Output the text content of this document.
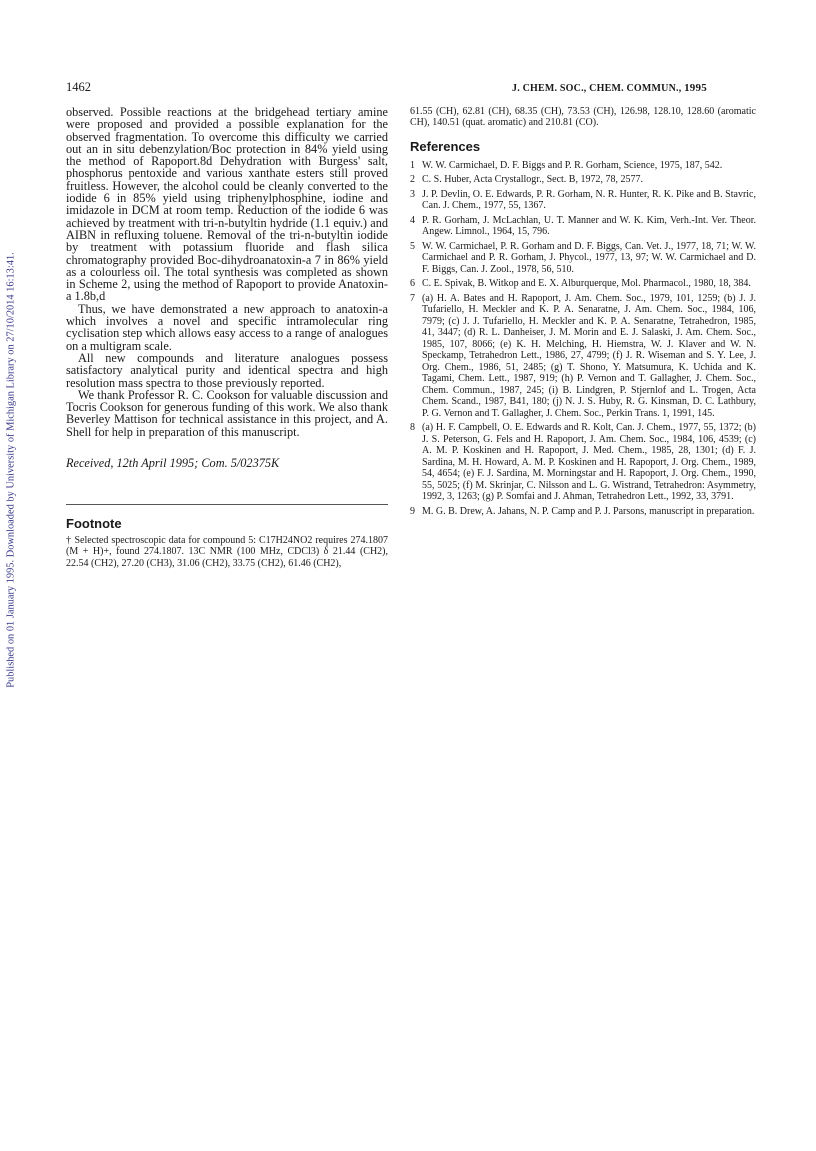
Published on 01 January 1995. Downloaded by University of Michigan Library on 27/10/2014 16:13:41.
1462	J. CHEM. SOC., CHEM. COMMUN., 1995

observed. Possible reactions at the bridgehead tertiary amine were proposed and provided a possible explanation for the observed fragmentation. To overcome this difficulty we carried out an in situ debenzylation/Boc protection in 84% yield using the method of Rapoport.8d Dehydration with Burgess' salt, phosphorus pentoxide and various xanthate esters still proved fruitless. However, the alcohol could be cleanly converted to the iodide 6 in 85% yield using triphenylphosphine, iodine and imidazole in DCM at room temp. Reduction of the iodide 6 was achieved by treatment with tri-n-butyltin hydride (1.1 equiv.) and AIBN in refluxing toluene. Removal of the tri-n-butyltin iodide by treatment with potassium fluoride and flash silica chromatography provided Boc-dihydroanatoxin-a 7 in 86% yield as a colourless oil. The total synthesis was completed as shown in Scheme 2, using the method of Rapoport to provide Anatoxin-a 1.8b,d

Thus, we have demonstrated a new approach to anatoxin-a which involves a novel and specific intramolecular ring cyclisation step which allows easy access to a range of analogues on a multigram scale.

All new compounds and literature analogues possess satisfactory analytical purity and identical spectra and high resolution mass spectra to those previously reported.

We thank Professor R. C. Cookson for valuable discussion and Tocris Cookson for generous funding of this work. We also thank Beverley Mattison for technical assistance in this project, and A. Shell for help in preparation of this manuscript.

Received, 12th April 1995; Com. 5/02375K

Footnote

† Selected spectroscopic data for compound 5: C17H24NO2 requires 274.1807 (M + H)+, found 274.1807. 13C NMR (100 MHz, CDCl3) δ 21.44 (CH2), 22.54 (CH2), 27.20 (CH3), 31.06 (CH2), 33.75 (CH2), 61.46 (CH2),

61.55 (CH), 62.81 (CH), 68.35 (CH), 73.53 (CH), 126.98, 128.10, 128.60 (aromatic CH), 140.51 (quat. aromatic) and 210.81 (CO).

References
1 W. W. Carmichael, D. F. Biggs and P. R. Gorham, Science, 1975, 187, 542.
2 C. S. Huber, Acta Crystallogr., Sect. B, 1972, 78, 2577.
3 J. P. Devlin, O. E. Edwards, P. R. Gorham, N. R. Hunter, R. K. Pike and B. Stavric, Can. J. Chem., 1977, 55, 1367.
4 P. R. Gorham, J. McLachlan, U. T. Manner and W. K. Kim, Verh.-Int. Ver. Theor. Angew. Limnol., 1964, 15, 796.
5 W. W. Carmichael, P. R. Gorham and D. F. Biggs, Can. Vet. J., 1977, 18, 71; W. W. Carmichael and P. R. Gorham, J. Phycol., 1977, 13, 97; W. W. Carmichael and D. F. Biggs, Can. J. Zool., 1978, 56, 510.
6 C. E. Spivak, B. Witkop and E. X. Alburquerque, Mol. Pharmacol., 1980, 18, 384.
7 (a) H. A. Bates and H. Rapoport, J. Am. Chem. Soc., 1979, 101, 1259; (b) J. J. Tufariello, H. Meckler and K. P. A. Senaratne, J. Am. Chem. Soc., 1984, 106, 7979; (c) J. J. Tufariello, H. Meckler and K. P. A. Senaratne, Tetrahedron, 1985, 41, 3447; (d) R. L. Danheiser, J. M. Morin and E. J. Salaski, J. Am. Chem. Soc., 1985, 107, 8066; (e) K. H. Melching, H. Hiemstra, W. J. Klaver and W. N. Speckamp, Tetrahedron Lett., 1986, 27, 4799; (f) J. R. Wiseman and S. Y. Lee, J. Org. Chem., 1986, 51, 2485; (g) T. Shono, Y. Matsumura, K. Uchida and K. Tagami, Chem. Lett., 1987, 919; (h) P. Vernon and T. Gallagher, J. Chem. Soc., Chem. Commun., 1987, 245; (i) B. Lindgren, P. Stjernlof and L. Trogen, Acta Chem. Scand., 1987, B41, 180; (j) N. J. S. Huby, R. G. Kinsman, D. C. Lathbury, P. G. Vernon and T. Gallagher, J. Chem. Soc., Perkin Trans. 1, 1991, 145.
8 (a) H. F. Campbell, O. E. Edwards and R. Kolt, Can. J. Chem., 1977, 55, 1372; (b) J. S. Peterson, G. Fels and H. Rapoport, J. Am. Chem. Soc., 1984, 106, 4539; (c) A. M. P. Koskinen and H. Rapoport, J. Med. Chem., 1985, 28, 1301; (d) F. J. Sardina, M. H. Howard, A. M. P. Koskinen and H. Rapoport, J. Org. Chem., 1989, 54, 4654; (e) F. J. Sardina, M. Morningstar and H. Rapoport, J. Org. Chem., 1990, 55, 5025; (f) M. Skrinjar, C. Nilsson and L. G. Wistrand, Tetrahedron: Asymmetry, 1992, 3, 1263; (g) P. Somfai and J. Ahman, Tetrahedron Lett., 1992, 33, 3791.
9 M. G. B. Drew, A. Jahans, N. P. Camp and P. J. Parsons, manuscript in preparation.
